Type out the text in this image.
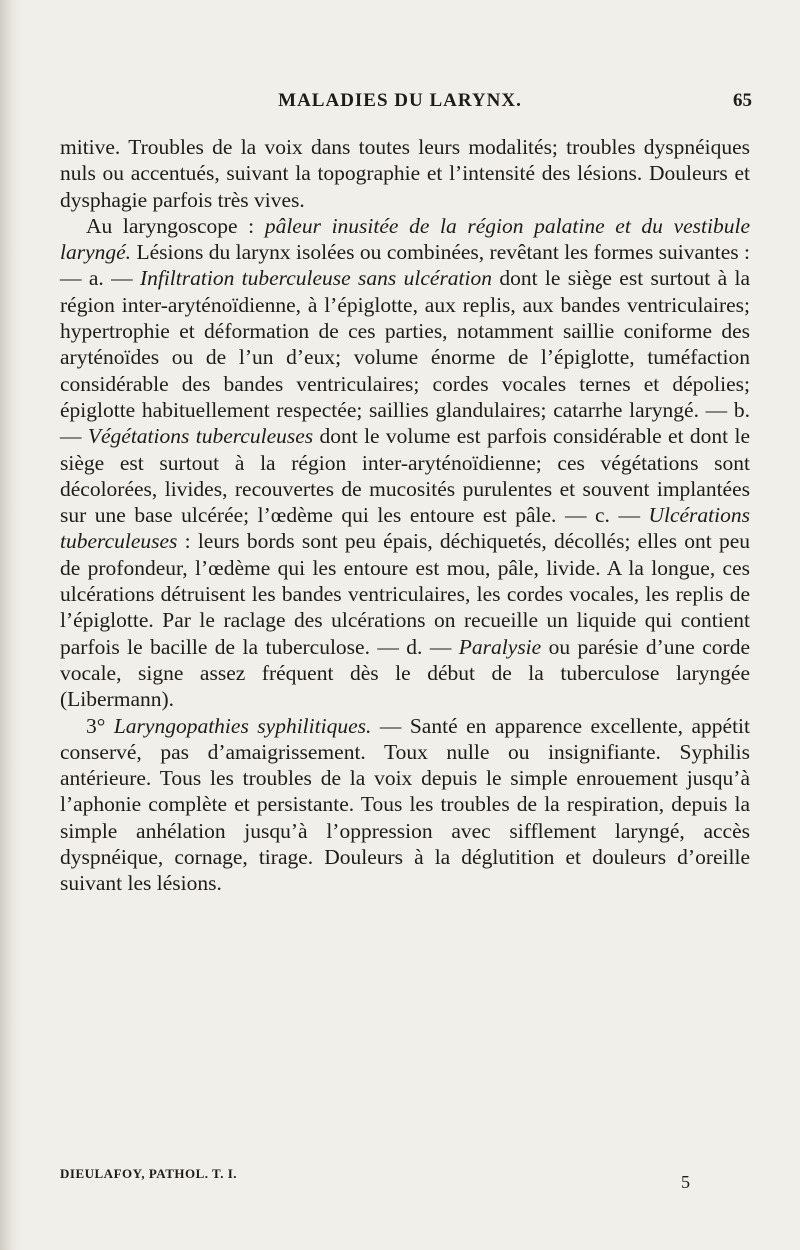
MALADIES DU LARYNX.	65

mitive. Troubles de la voix dans toutes leurs modalités; troubles dyspnéiques nuls ou accentués, suivant la topographie et l’intensité des lésions. Douleurs et dysphagie parfois très vives.

Au laryngoscope : pâleur inusitée de la région palatine et du vestibule laryngé. Lésions du larynx isolées ou combinées, revêtant les formes suivantes : — a. — Infiltration tuberculeuse sans ulcération dont le siège est surtout à la région inter-aryténoïdienne, à l’épiglotte, aux replis, aux bandes ventriculaires; hypertrophie et déformation de ces parties, notamment saillie coniforme des aryténoïdes ou de l’un d’eux; volume énorme de l’épiglotte, tuméfaction considérable des bandes ventriculaires; cordes vocales ternes et dépolies; épiglotte habituellement respectée; saillies glandulaires; catarrhe laryngé. — b. — Végétations tuberculeuses dont le volume est parfois considérable et dont le siège est surtout à la région inter-aryténoïdienne; ces végétations sont décolorées, livides, recouvertes de mucosités purulentes et souvent implantées sur une base ulcérée; l’œdème qui les entoure est pâle. — c. — Ulcérations tuberculeuses : leurs bords sont peu épais, déchiquetés, décollés; elles ont peu de profondeur, l’œdème qui les entoure est mou, pâle, livide. A la longue, ces ulcérations détruisent les bandes ventriculaires, les cordes vocales, les replis de l’épiglotte. Par le raclage des ulcérations on recueille un liquide qui contient parfois le bacille de la tuberculose. — d. — Paralysie ou parésie d’une corde vocale, signe assez fréquent dès le début de la tuberculose laryngée (Libermann).

3° Laryngopathies syphilitiques. — Santé en apparence excellente, appétit conservé, pas d’amaigrissement. Toux nulle ou insignifiante. Syphilis antérieure. Tous les troubles de la voix depuis le simple enrouement jusqu’à l’aphonie complète et persistante. Tous les troubles de la respiration, depuis la simple anhélation jusqu’à l’oppression avec sifflement laryngé, accès dyspnéique, cornage, tirage. Douleurs à la déglutition et douleurs d’oreille suivant les lésions.

DIEULAFOY, PATHOL. T. I.	5
